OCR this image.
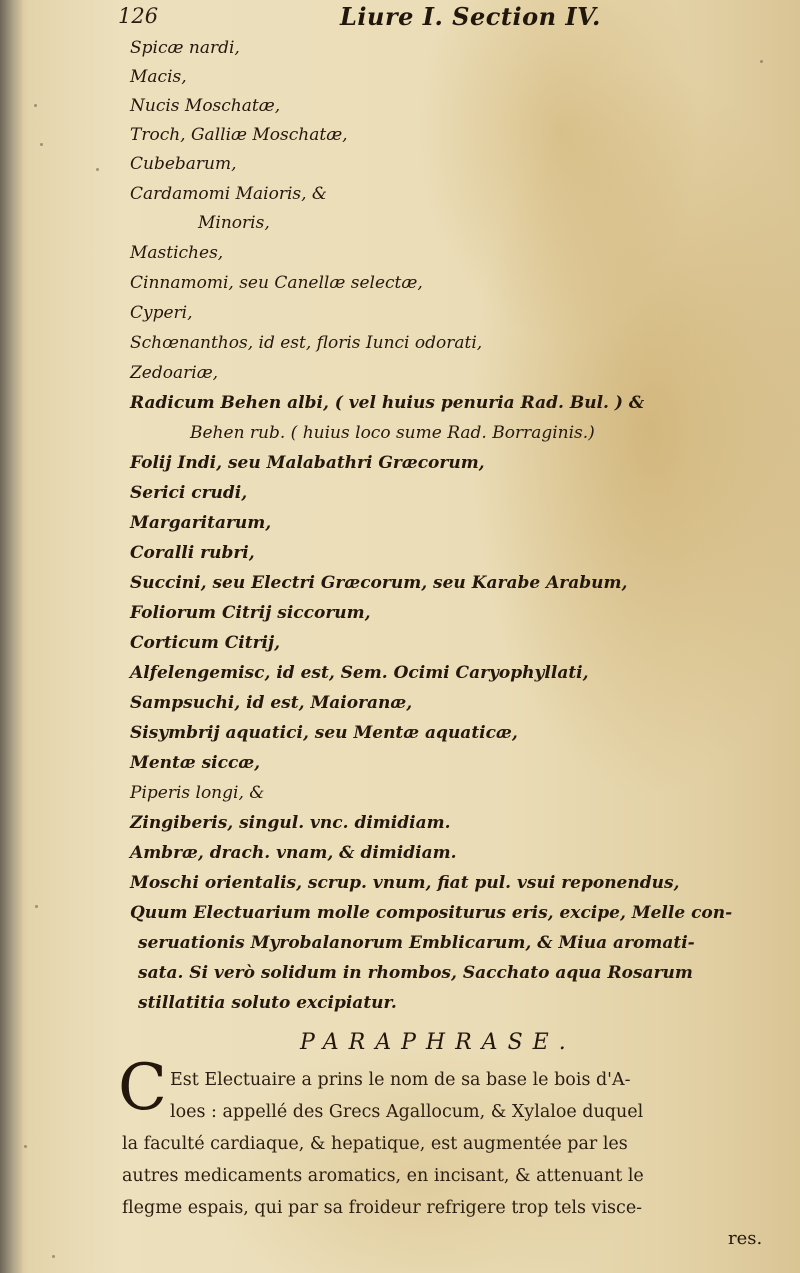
126	Liure I. Section IV.
Spicæ nardi,
Macis,
Nucis Moschatæ,
Troch, Galliæ Moschatæ,
Cubebarum,
Cardamomi Maioris, &
Minoris,
Mastiches,
Cinnamomi, seu Canellæ selectæ,
Cyperi,
Schœnanthos, id est, floris Iunci odorati,
Zedoariæ,
Radicum Behen albi, ( vel huius penuria Rad. Bul. ) &
Behen rub. ( huius loco sume Rad. Borraginis.)
Folij Indi, seu Malabathri Græcorum,
Serici crudi,
Margaritarum,
Coralli rubri,
Succini, seu Electri Græcorum, seu Karabe Arabum,
Foliorum Citrij siccorum,
Corticum Citrij,
Alfelengemisc, id est, Sem. Ocimi Caryophyllati,
Sampsuchi, id est, Maioranæ,
Sisymbrij aquatici, seu Mentæ aquaticæ,
Mentæ siccæ,
Piperis longi, &
Zingiberis, singul. vnc. dimidiam.
Ambræ, drach. vnam, & dimidiam.
Moschi orientalis, scrup. vnum, fiat pul. vsui reponendus,
Quum Electuarium molle compositurus eris, excipe, Melle con-
seruationis Myrobalanorum Emblicarum, & Miua aromati-
sata. Si verò solidum in rhombos, Sacchato aqua Rosarum
stillatitia soluto excipiatur.
PARAPHRASE.
C Est Electuaire a prins le nom de sa base le bois d'A-
loes : appellé des Grecs Agallocum, & Xylaloe duquel
la faculté cardiaque, & hepatique, est augmentée par les
autres medicaments aromatics, en incisant, & attenuant le
flegme espais, qui par sa froideur refrigere trop tels visce-
res.
